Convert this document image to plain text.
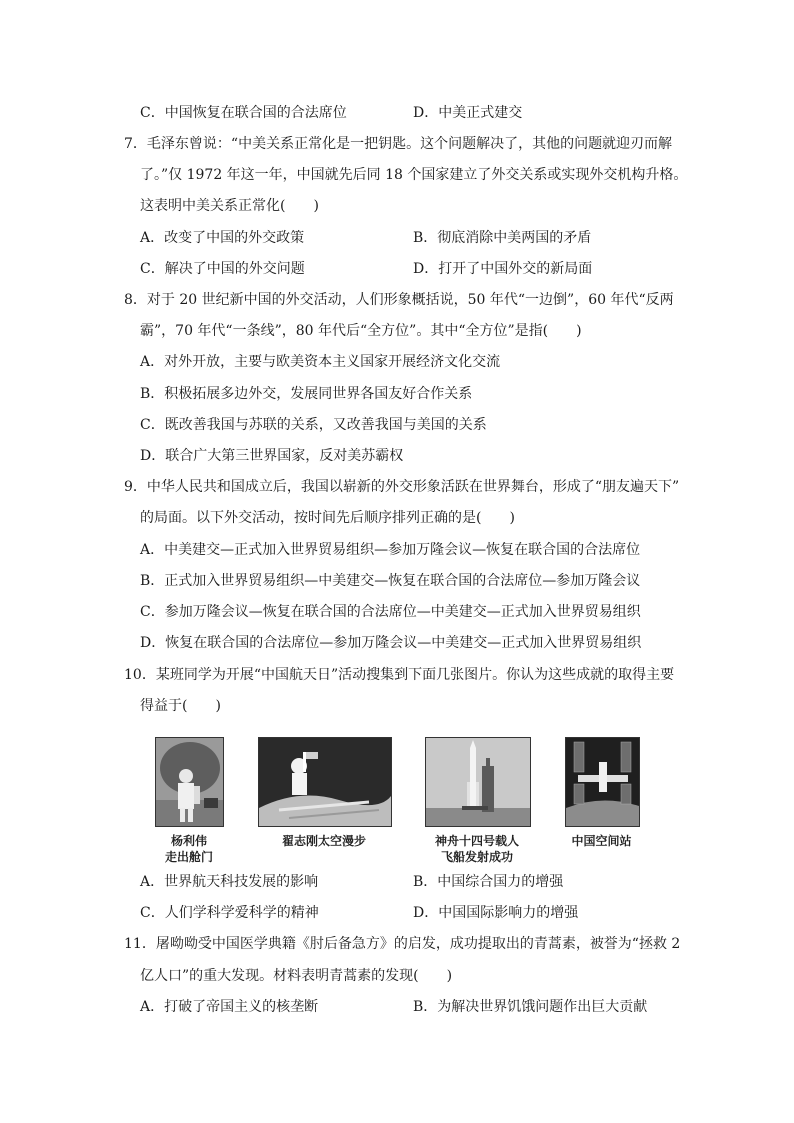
C．中国恢复在联合国的合法席位	D．中美正式建交
7．毛泽东曾说：“中美关系正常化是一把钥匙。这个问题解决了，其他的问题就迎刃而解
了。”仅 1972 年这一年，中国就先后同 18 个国家建立了外交关系或实现外交机构升格。
这表明中美关系正常化(　　)
A．改变了中国的外交政策	B．彻底消除中美两国的矛盾
C．解决了中国的外交问题	D．打开了中国外交的新局面
8．对于 20 世纪新中国的外交活动，人们形象概括说，50 年代“一边倒”，60 年代“反两
霸”，70 年代“一条线”，80 年代后“全方位”。其中“全方位”是指(　　)
A．对外开放，主要与欧美资本主义国家开展经济文化交流
B．积极拓展多边外交，发展同世界各国友好合作关系
C．既改善我国与苏联的关系，又改善我国与美国的关系
D．联合广大第三世界国家，反对美苏霸权
9．中华人民共和国成立后，我国以崭新的外交形象活跃在世界舞台，形成了“朋友遍天下”
的局面。以下外交活动，按时间先后顺序排列正确的是(　　)
A．中美建交—正式加入世界贸易组织—参加万隆会议—恢复在联合国的合法席位
B．正式加入世界贸易组织—中美建交—恢复在联合国的合法席位—参加万隆会议
C．参加万隆会议—恢复在联合国的合法席位—中美建交—正式加入世界贸易组织
D．恢复在联合国的合法席位—参加万隆会议—中美建交—正式加入世界贸易组织
10．某班同学为开展“中国航天日”活动搜集到下面几张图片。你认为这些成就的取得主要
得益于(　　)
杨利伟
走出舱门
翟志刚太空漫步	神舟十四号载人
飞船发射成功
中国空间站
A．世界航天科技发展的影响	B．中国综合国力的增强
C．人们学科学爱科学的精神	D．中国国际影响力的增强
11．屠呦呦受中国医学典籍《肘后备急方》的启发，成功提取出的青蒿素，被誉为“拯救 2
亿人口”的重大发现。材料表明青蒿素的发现(　　)
A．打破了帝国主义的核垄断	B．为解决世界饥饿问题作出巨大贡献
